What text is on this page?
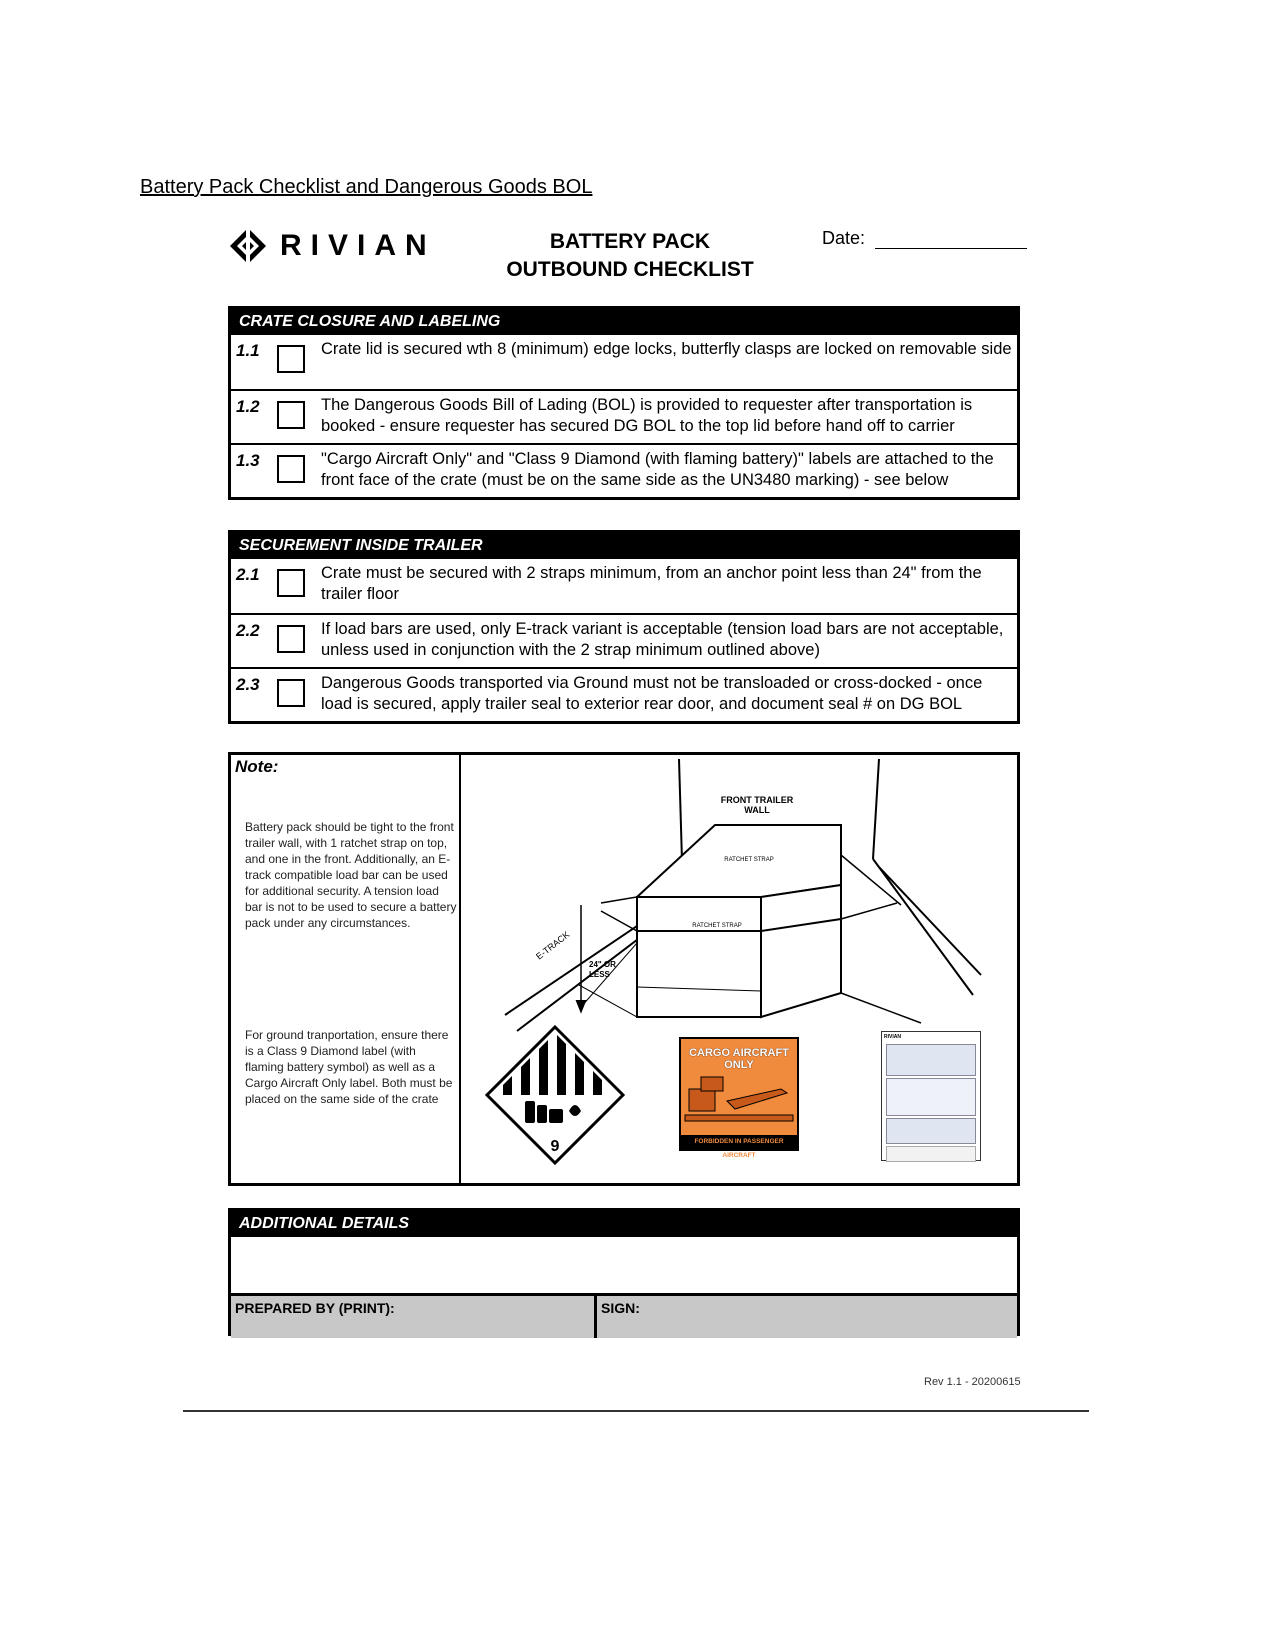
Battery Pack Checklist and Dangerous Goods BOL
RIVIAN	BATTERY PACK
OUTBOUND CHECKLIST
Date:
CRATE CLOSURE AND LABELING
1.1	Crate lid is secured wth 8 (minimum) edge locks, butterfly clasps are locked on removable side
1.2	The Dangerous Goods Bill of Lading (BOL) is provided to requester after transportation is booked - ensure requester has secured DG BOL to the top lid before hand off to carrier
1.3	"Cargo Aircraft Only" and "Class 9 Diamond (with flaming battery)" labels are attached to the front face of the crate (must be on the same side as the UN3480 marking) - see below
SECUREMENT INSIDE TRAILER
2.1	Crate must be secured with 2 straps minimum, from an anchor point less than 24" from the trailer floor
2.2	If load bars are used, only E-track variant is acceptable (tension load bars are not acceptable, unless used in conjunction with the 2 strap minimum outlined above)
2.3	Dangerous Goods transported via Ground must not be transloaded or cross-docked - once load is secured, apply trailer seal to exterior rear door, and document seal # on DG BOL
Note:
Battery pack should be tight to the front trailer wall, with 1 ratchet strap on top, and one in the front. Additionally, an E-track compatible load bar can be used for additional security. A tension load bar is not to be used to secure a battery pack under any circumstances.
For ground tranportation, ensure there is a Class 9 Diamond label (with flaming battery symbol) as well as a Cargo Aircraft Only label. Both must be placed on the same side of the crate
FRONT TRAILER
WALL
RATCHET STRAP
RATCHET STRAP
E-TRACK
24" OR
LESS
9
CARGO AIRCRAFT
ONLY
FORBIDDEN IN PASSENGER AIRCRAFT
RIVIAN
ADDITIONAL DETAILS
PREPARED BY (PRINT):	SIGN:
Rev 1.1 - 20200615
